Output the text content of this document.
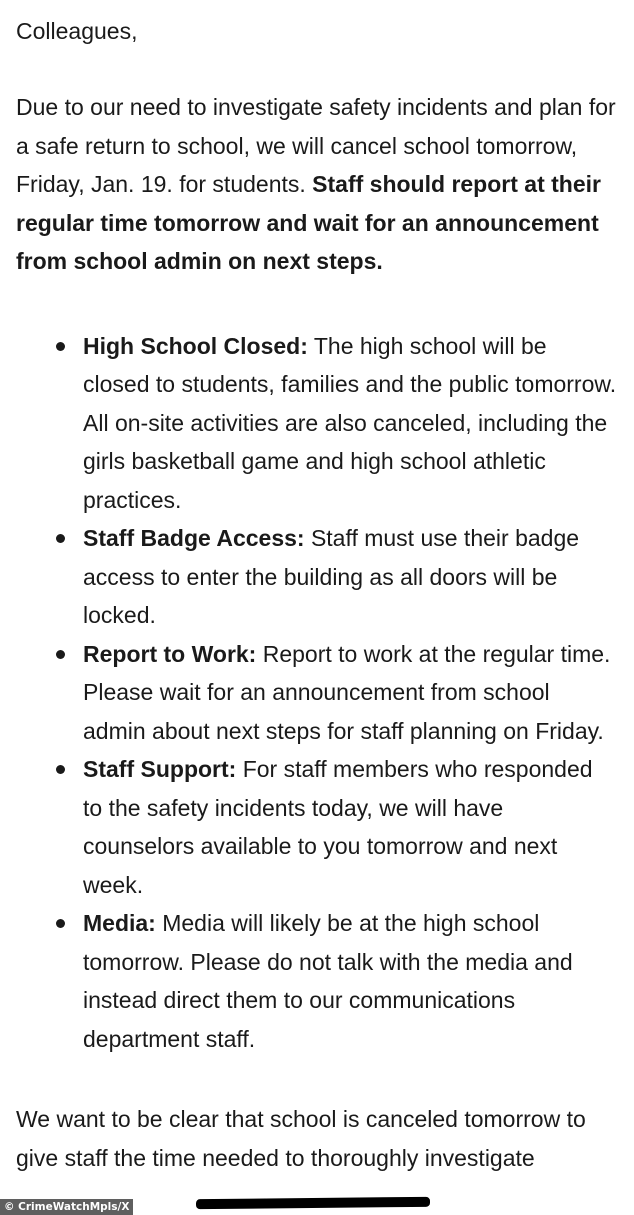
Colleagues,

Due to our need to investigate safety incidents and plan for a safe return to school, we will cancel school tomorrow, Friday, Jan. 19. for students. Staff should report at their regular time tomorrow and wait for an announcement from school admin on next steps.

High School Closed: The high school will be closed to students, families and the public tomorrow. All on-site activities are also canceled, including the girls basketball game and high school athletic practices.
Staff Badge Access: Staff must use their badge access to enter the building as all doors will be locked.
Report to Work: Report to work at the regular time. Please wait for an announcement from school admin about next steps for staff planning on Friday.
Staff Support: For staff members who responded to the safety incidents today, we will have counselors available to you tomorrow and next week.
Media: Media will likely be at the high school tomorrow. Please do not talk with the media and instead direct them to our communications department staff.

We want to be clear that school is canceled tomorrow to give staff the time needed to thoroughly investigate

© CrimeWatchMpls/X
